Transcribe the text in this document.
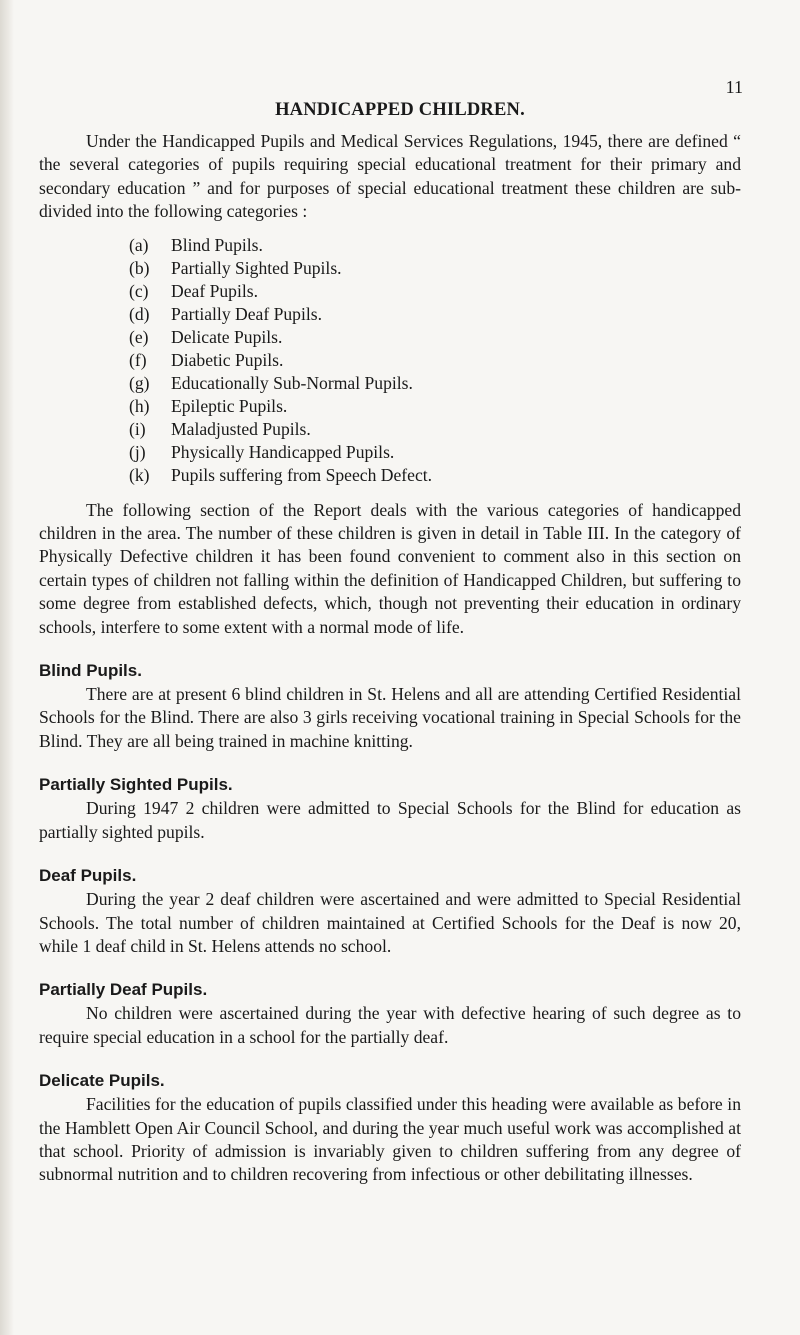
11
HANDICAPPED CHILDREN.

Under the Handicapped Pupils and Medical Services Regulations, 1945, there are defined “ the several categories of pupils requiring special educational treatment for their primary and secondary education ” and for purposes of special educational treatment these children are sub-divided into the following categories :

(a)	Blind Pupils.
(b)	Partially Sighted Pupils.
(c)	Deaf Pupils.
(d)	Partially Deaf Pupils.
(e)	Delicate Pupils.
(f)	Diabetic Pupils.
(g)	Educationally Sub-Normal Pupils.
(h)	Epileptic Pupils.
(i)	Maladjusted Pupils.
(j)	Physically Handicapped Pupils.
(k)	Pupils suffering from Speech Defect.

The following section of the Report deals with the various categories of handicapped children in the area. The number of these children is given in detail in Table III. In the category of Physically Defective children it has been found convenient to comment also in this section on certain types of children not falling within the definition of Handicapped Children, but suffering to some degree from established defects, which, though not preventing their education in ordinary schools, interfere to some extent with a normal mode of life.

Blind Pupils.

There are at present 6 blind children in St. Helens and all are attending Certified Residential Schools for the Blind. There are also 3 girls receiving vocational training in Special Schools for the Blind. They are all being trained in machine knitting.

Partially Sighted Pupils.

During 1947 2 children were admitted to Special Schools for the Blind for education as partially sighted pupils.

Deaf Pupils.

During the year 2 deaf children were ascertained and were admitted to Special Residential Schools. The total number of children maintained at Certified Schools for the Deaf is now 20, while 1 deaf child in St. Helens attends no school.

Partially Deaf Pupils.

No children were ascertained during the year with defective hearing of such degree as to require special education in a school for the partially deaf.

Delicate Pupils.

Facilities for the education of pupils classified under this heading were available as before in the Hamblett Open Air Council School, and during the year much useful work was accomplished at that school. Priority of admission is invariably given to children suffering from any degree of subnormal nutrition and to children recovering from infectious or other debilitating illnesses.
